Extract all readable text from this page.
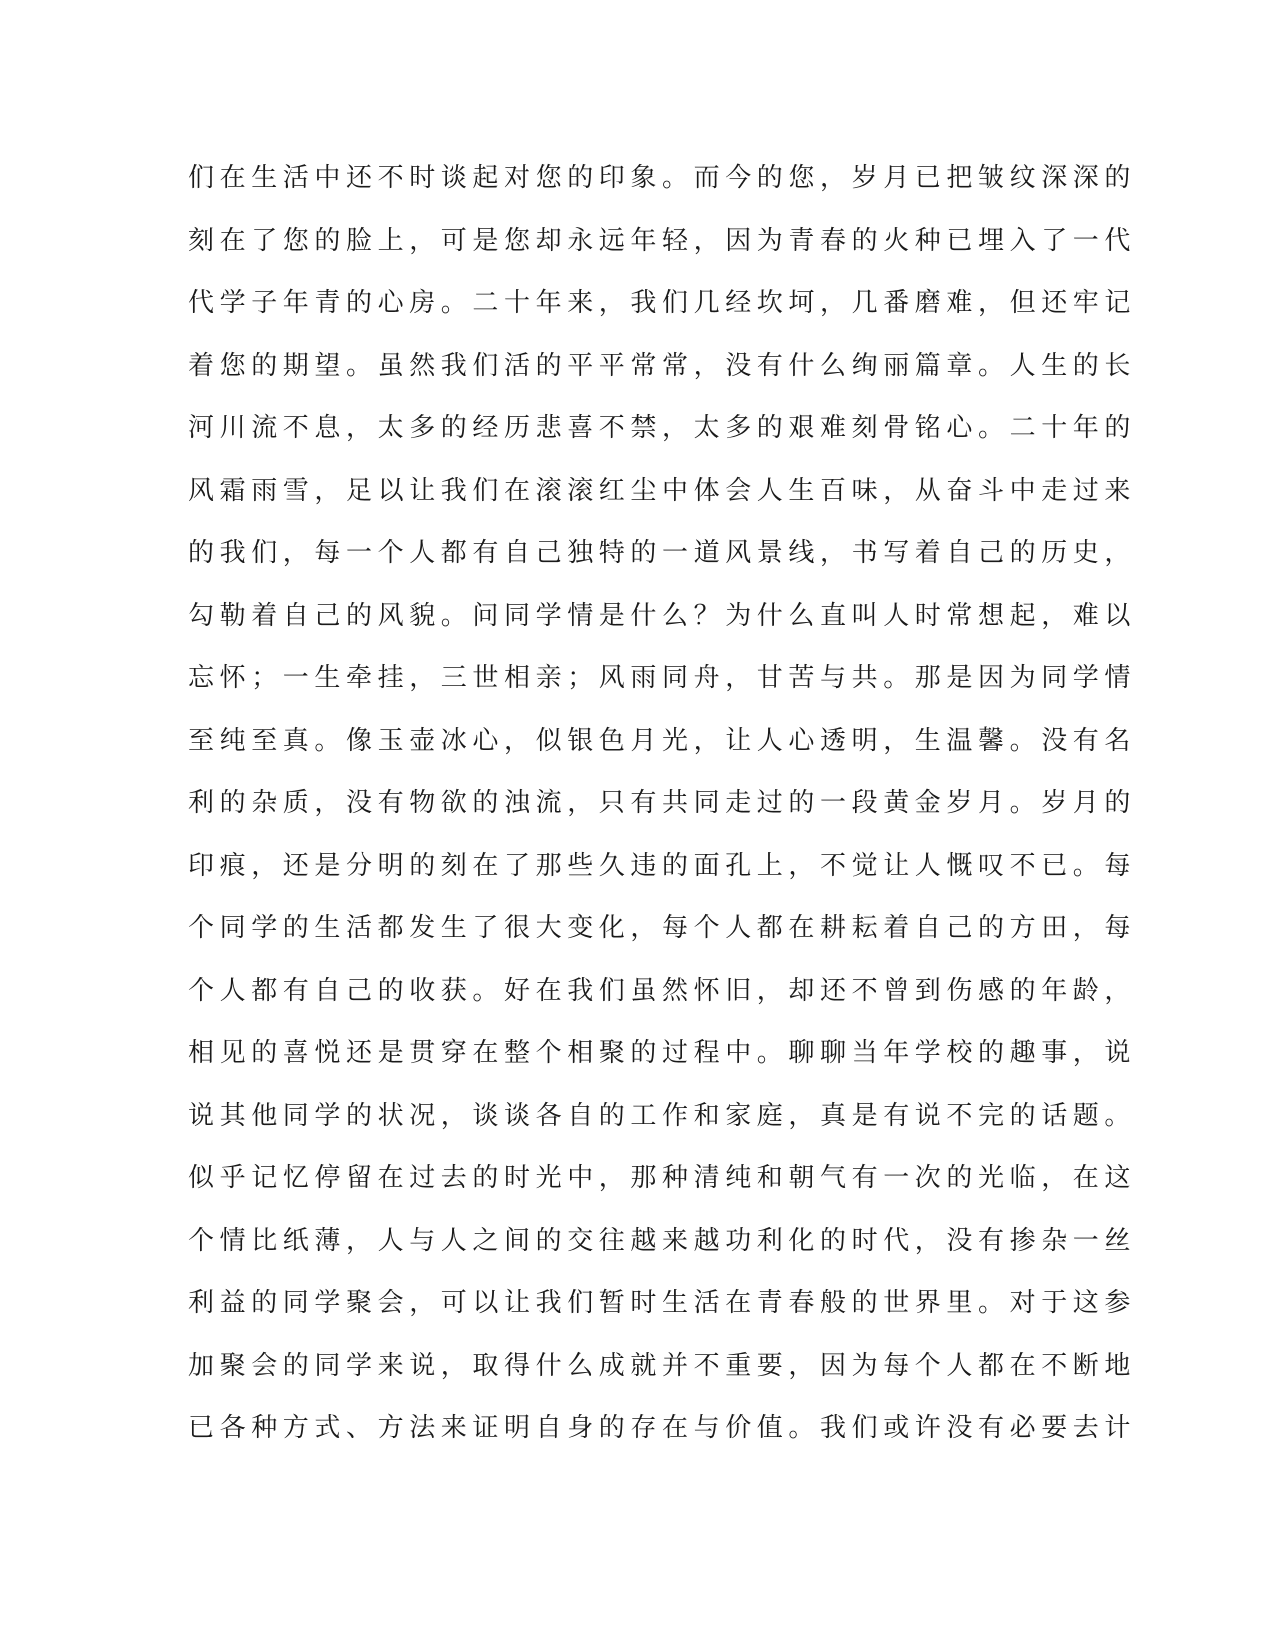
们在生活中还不时谈起对您的印象。而今的您，岁月已把皱纹深深的
刻在了您的脸上，可是您却永远年轻，因为青春的火种已埋入了一代
代学子年青的心房。二十年来，我们几经坎坷，几番磨难，但还牢记
着您的期望。虽然我们活的平平常常，没有什么绚丽篇章。人生的长
河川流不息，太多的经历悲喜不禁，太多的艰难刻骨铭心。二十年的
风霜雨雪，足以让我们在滚滚红尘中体会人生百味，从奋斗中走过来
的我们，每一个人都有自己独特的一道风景线，书写着自己的历史，
勾勒着自己的风貌。问同学情是什么？为什么直叫人时常想起，难以
忘怀；一生牵挂，三世相亲；风雨同舟，甘苦与共。那是因为同学情
至纯至真。像玉壶冰心，似银色月光，让人心透明，生温馨。没有名
利的杂质，没有物欲的浊流，只有共同走过的一段黄金岁月。岁月的
印痕，还是分明的刻在了那些久违的面孔上，不觉让人慨叹不已。每
个同学的生活都发生了很大变化，每个人都在耕耘着自己的方田，每
个人都有自己的收获。好在我们虽然怀旧，却还不曾到伤感的年龄，
相见的喜悦还是贯穿在整个相聚的过程中。聊聊当年学校的趣事，说
说其他同学的状况，谈谈各自的工作和家庭，真是有说不完的话题。
似乎记忆停留在过去的时光中，那种清纯和朝气有一次的光临，在这
个情比纸薄，人与人之间的交往越来越功利化的时代，没有掺杂一丝
利益的同学聚会，可以让我们暂时生活在青春般的世界里。对于这参
加聚会的同学来说，取得什么成就并不重要，因为每个人都在不断地
已各种方式、方法来证明自身的存在与价值。我们或许没有必要去计
